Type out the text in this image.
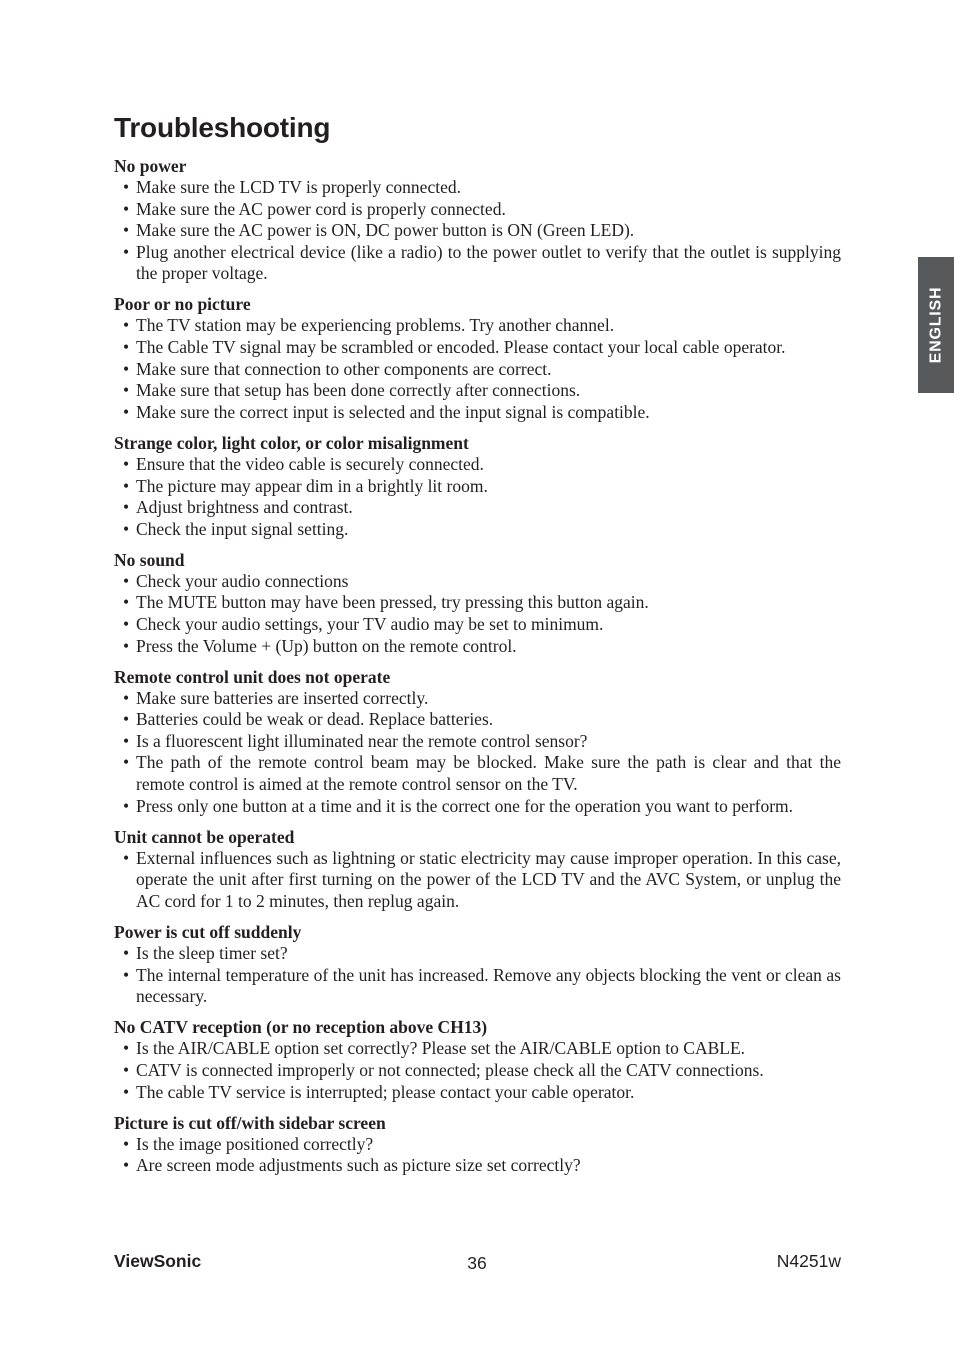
Troubleshooting
ENGLISH
No power
• Make sure the LCD TV is properly connected.
• Make sure the AC power cord is properly connected.
• Make sure the AC power is ON, DC power button is ON (Green LED).
• Plug another electrical device (like a radio) to the power outlet to verify that the outlet is supplying the proper voltage.
Poor or no picture
• The TV station may be experiencing problems. Try another channel.
• The Cable TV signal may be scrambled or encoded. Please contact your local cable operator.
• Make sure that connection to other components are correct.
• Make sure that setup has been done correctly after connections.
• Make sure the correct input is selected and the input signal is compatible.
Strange color, light color, or color misalignment
• Ensure that the video cable is securely connected.
• The picture may appear dim in a brightly lit room.
• Adjust brightness and contrast.
• Check the input signal setting.
No sound
• Check your audio connections
• The MUTE button may have been pressed, try pressing this button again.
• Check your audio settings, your TV audio may be set to minimum.
• Press the Volume + (Up) button on the remote control.
Remote control unit does not operate
• Make sure batteries are inserted correctly.
• Batteries could be weak or dead. Replace batteries.
• Is a fluorescent light illuminated near the remote control sensor?
• The path of the remote control beam may be blocked. Make sure the path is clear and that the remote control is aimed at the remote control sensor on the TV.
• Press only one button at a time and it is the correct one for the operation you want to perform.
Unit cannot be operated
• External influences such as lightning or static electricity may cause improper operation. In this case, operate the unit after first turning on the power of the LCD TV and the AVC System, or unplug the AC cord for 1 to 2 minutes, then replug again.
Power is cut off suddenly
• Is the sleep timer set?
• The internal temperature of the unit has increased. Remove any objects blocking the vent or clean as necessary.
No CATV reception (or no reception above CH13)
• Is the AIR/CABLE option set correctly? Please set the AIR/CABLE option to CABLE.
• CATV is connected improperly or not connected; please check all the CATV connections.
• The cable TV service is interrupted; please contact your cable operator.
Picture is cut off/with sidebar screen
• Is the image positioned correctly?
• Are screen mode adjustments such as picture size set correctly?
ViewSonic	36	N4251w
